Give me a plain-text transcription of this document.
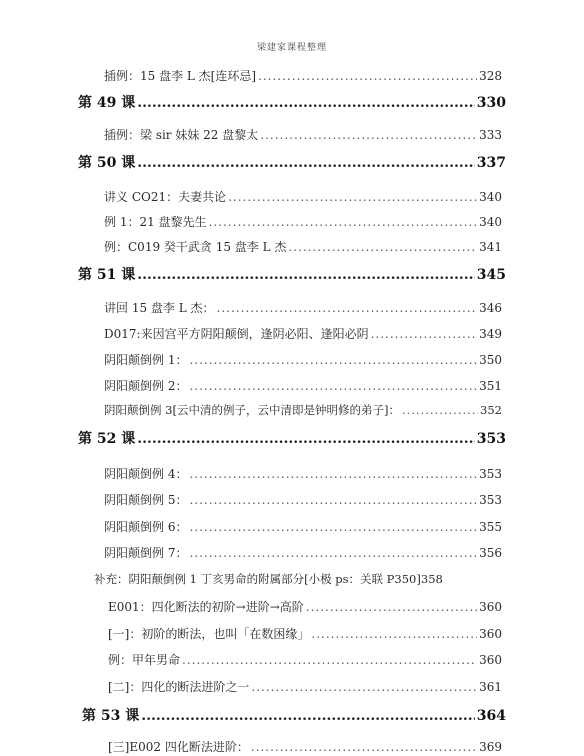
梁建家课程整理
插例：15 盘李 L 杰[连环忌] .....	328
第 49 课 .....	330
插例：梁 sir 妹妹 22 盘黎太 .....	333
第 50 课 .....	337
讲义 CO21：夫妻共论 .....	340
例 1：21 盘黎先生 .....	340
例：C019 癸干武贪 15 盘李 L 杰 .....	341
第 51 课 .....	345
讲回 15 盘李 L 杰： .....	346
D017:来因宫平方阴阳颠倒，逢阴必阳、逢阳必阴 .....	349
阴阳颠倒例 1： .....	350
阴阳颠倒例 2： .....	351
阴阳颠倒例 3[云中清的例子，云中清即是钟明修的弟子]： .....	352
第 52 课 .....	353
阴阳颠倒例 4： .....	353
阴阳颠倒例 5： .....	353
阴阳颠倒例 6： .....	355
阴阳颠倒例 7： .....	356
补充：阴阳颠倒例 1 丁亥男命的附属部分[小极 ps：关联 P350] 358
E001：四化断法的初阶→进阶→高阶 .....	360
[一]：初阶的断法，也叫「在数困缘」 .....	360
例：甲年男命 .....	360
[二]：四化的断法进阶之一 .....	361
第 53 课 .....	364
[三]E002 四化断法进阶： .....	369
